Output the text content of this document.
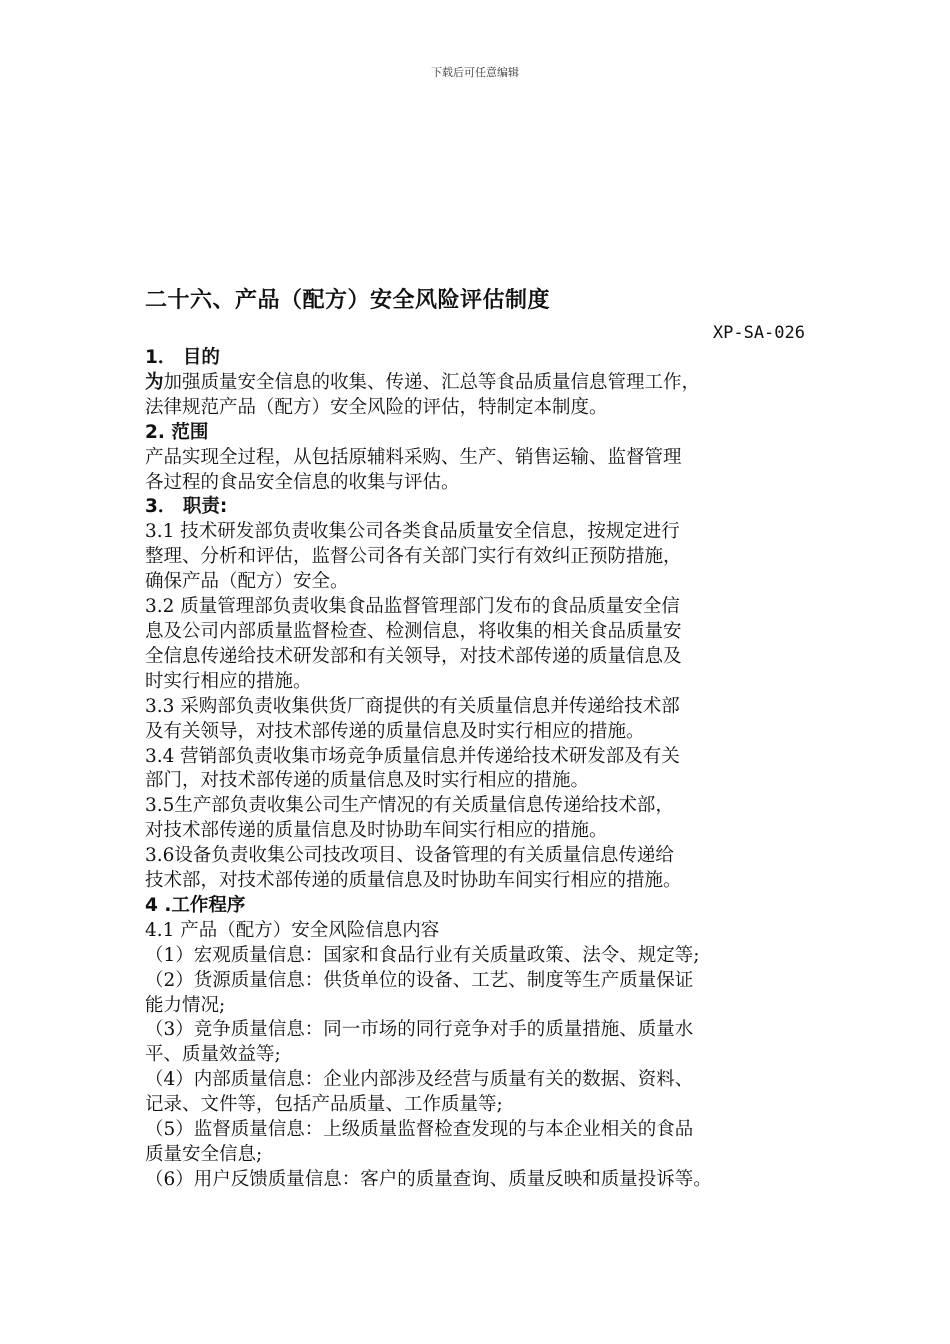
下载后可任意编辑
二十六、产品（配方）安全风险评估制度
XP-SA-026
1． 目的
为加强质量安全信息的收集、传递、汇总等食品质量信息管理工作，
法律规范产品（配方）安全风险的评估，特制定本制度。
2. 范围
产品实现全过程，从包括原辅料采购、生产、销售运输、监督管理
各过程的食品安全信息的收集与评估。
3． 职责:
3.1 技术研发部负责收集公司各类食品质量安全信息，按规定进行
整理、分析和评估，监督公司各有关部门实行有效纠正预防措施，
确保产品（配方）安全。
3.2 质量管理部负责收集食品监督管理部门发布的食品质量安全信
息及公司内部质量监督检查、检测信息，将收集的相关食品质量安
全信息传递给技术研发部和有关领导，对技术部传递的质量信息及
时实行相应的措施。
3.3 采购部负责收集供货厂商提供的有关质量信息并传递给技术部
及有关领导，对技术部传递的质量信息及时实行相应的措施。
3.4 营销部负责收集市场竞争质量信息并传递给技术研发部及有关
部门，对技术部传递的质量信息及时实行相应的措施。
3.5生产部负责收集公司生产情况的有关质量信息传递给技术部，
对技术部传递的质量信息及时协助车间实行相应的措施。
3.6设备负责收集公司技改项目、设备管理的有关质量信息传递给
技术部，对技术部传递的质量信息及时协助车间实行相应的措施。
4 .工作程序
4.1 产品（配方）安全风险信息内容
（1）宏观质量信息：国家和食品行业有关质量政策、法令、规定等;
（2）货源质量信息：供货单位的设备、工艺、制度等生产质量保证
能力情况;
（3）竞争质量信息：同一市场的同行竞争对手的质量措施、质量水
平、质量效益等;
（4）内部质量信息：企业内部涉及经营与质量有关的数据、资料、
记录、文件等，包括产品质量、工作质量等;
（5）监督质量信息：上级质量监督检查发现的与本企业相关的食品
质量安全信息;
（6）用户反馈质量信息：客户的质量查询、质量反映和质量投诉等。
